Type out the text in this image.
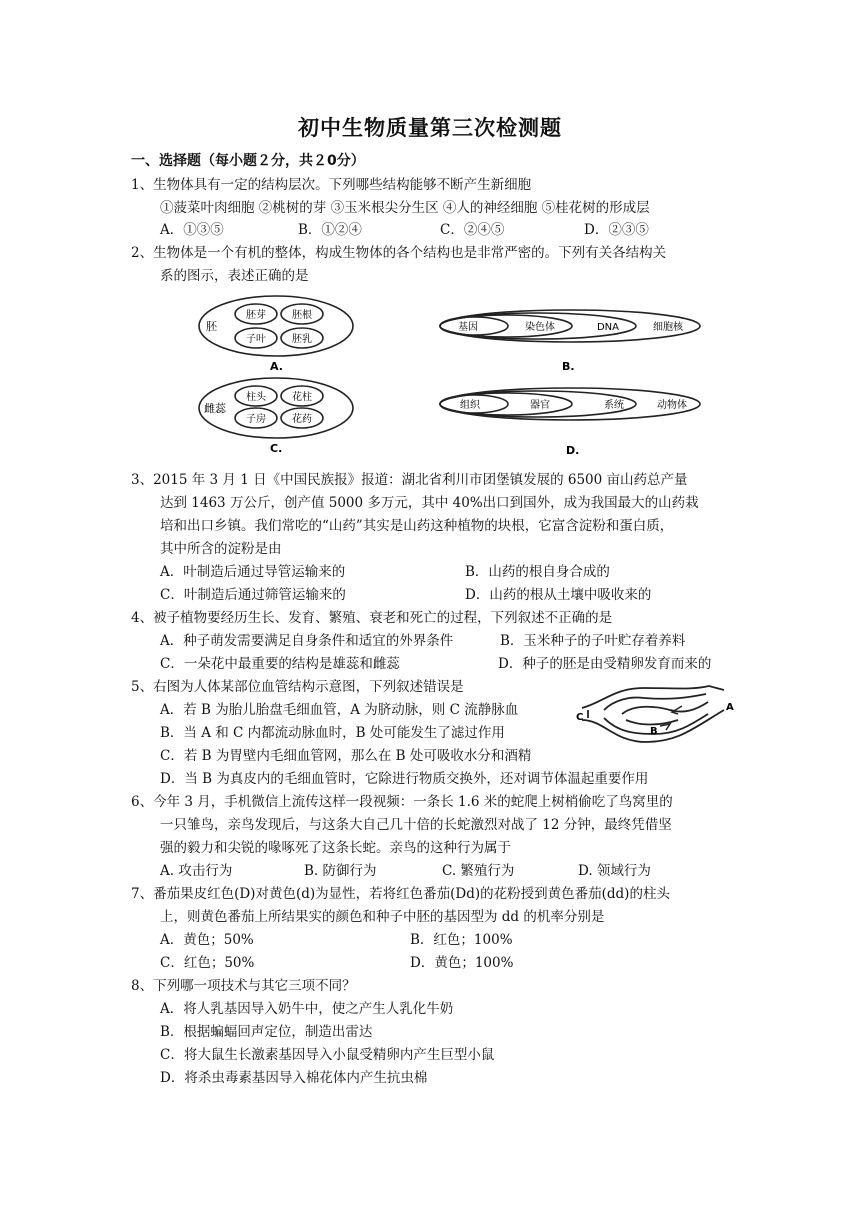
初中生物质量第三次检测题
一、选择题（每小题２分，共２0分）
1、生物体具有一定的结构层次。下列哪些结构能够不断产生新细胞
①菠菜叶肉细胞 ②桃树的芽 ③玉米根尖分生区 ④人的神经细胞 ⑤桂花树的形成层
A．①③⑤	B．①②④	C．②④⑤	D．②③⑤
2、生物体是一个有机的整体，构成生物体的各个结构也是非常严密的。下列有关各结构关
系的图示，表述正确的是
胚
胚芽	胚根
子叶	胚乳
A.
基因	染色体	DNA	细胞核
B.
雌蕊
柱头	花柱
子房	花药
C.
组织	器官	系统	动物体
D.
3、2015 年 3 月 1 日《中国民族报》报道：湖北省利川市团堡镇发展的 6500 亩山药总产量
达到 1463 万公斤，创产值 5000 多万元，其中 40%出口到国外，成为我国最大的山药栽
培和出口乡镇。我们常吃的“山药”其实是山药这种植物的块根，它富含淀粉和蛋白质，
其中所含的淀粉是由
A．叶制造后通过导管运输来的	B．山药的根自身合成的
C．叶制造后通过筛管运输来的	D．山药的根从土壤中吸收来的
4、被子植物要经历生长、发育、繁殖、衰老和死亡的过程，下列叙述不正确的是
A．种子萌发需要满足自身条件和适宜的外界条件	B．玉米种子的子叶贮存着养料
C．一朵花中最重要的结构是雄蕊和雌蕊	D．种子的胚是由受精卵发育而来的
5、右图为人体某部位血管结构示意图，下列叙述错误是
A．若 B 为胎儿胎盘毛细血管，A 为脐动脉，则 C 流静脉血
B．当 A 和 C 内都流动脉血时，B 处可能发生了滤过作用
C．若 B 为胃壁内毛细血管网，那么在 B 处可吸收水分和酒精
D．当 B 为真皮内的毛细血管时，它除进行物质交换外，还对调节体温起重要作用
C
B
A
6、今年 3 月，手机微信上流传这样一段视频：一条长 1.6 米的蛇爬上树梢偷吃了鸟窝里的
一只雏鸟，亲鸟发现后，与这条大自己几十倍的长蛇激烈对战了 12 分钟，最终凭借坚
强的毅力和尖锐的喙啄死了这条长蛇。亲鸟的这种行为属于
A. 攻击行为	B. 防御行为	C. 繁殖行为	D. 领域行为
7、番茄果皮红色(D)对黄色(d)为显性，若将红色番茄(Dd)的花粉授到黄色番茄(dd)的柱头
上，则黄色番茄上所结果实的颜色和种子中胚的基因型为 dd 的机率分别是
A．黄色；50%	B．红色；100%
C．红色；50%	D．黄色；100%
8、下列哪一项技术与其它三项不同？
A．将人乳基因导入奶牛中，使之产生人乳化牛奶
B．根据蝙蝠回声定位，制造出雷达
C．将大鼠生长激素基因导入小鼠受精卵内产生巨型小鼠
D．将杀虫毒素基因导入棉花体内产生抗虫棉
